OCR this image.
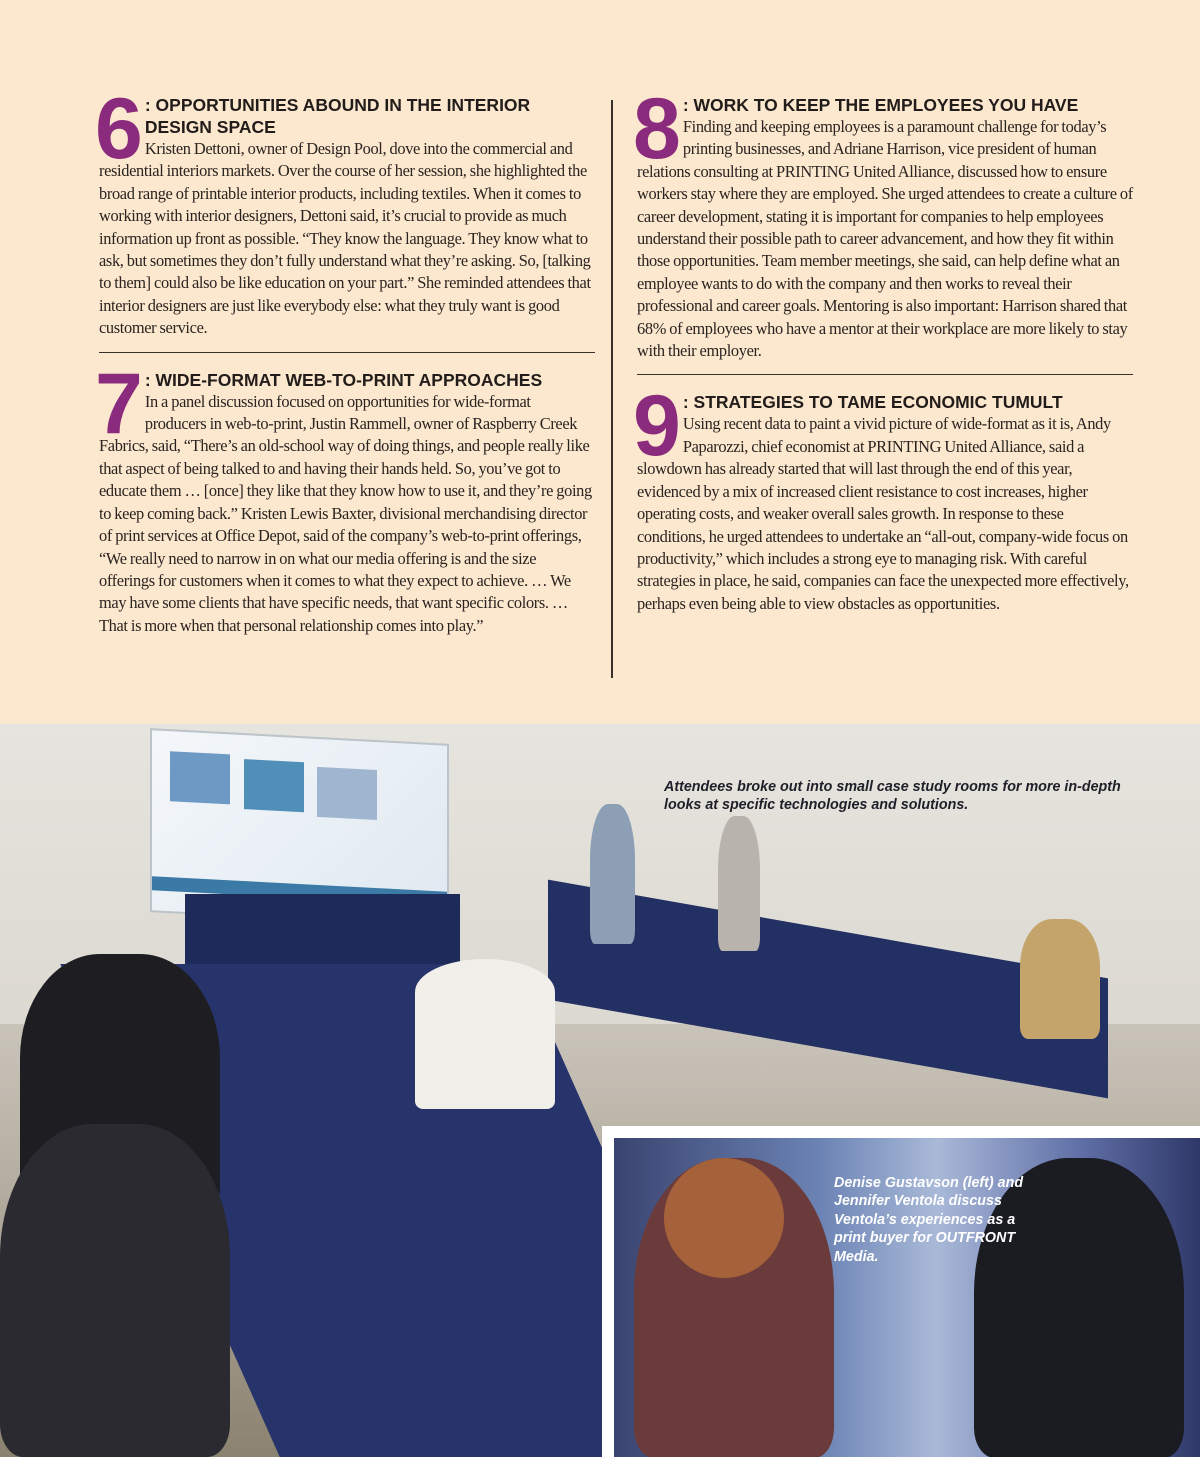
6 : OPPORTUNITIES ABOUND IN THE INTERIOR DESIGN SPACE

Kristen Dettoni, owner of Design Pool, dove into the commercial and residential interiors markets. Over the course of her session, she highlighted the broad range of printable interior products, including textiles. When it comes to working with interior designers, Dettoni said, it’s crucial to provide as much information up front as possible. “They know the language. They know what to ask, but sometimes they don’t fully understand what they’re asking. So, [talking to them] could also be like education on your part.” She reminded attendees that interior designers are just like everybody else: what they truly want is good customer service.

7 : WIDE-FORMAT WEB-TO-PRINT APPROACHES

In a panel discussion focused on opportunities for wide-format producers in web-to-print, Justin Rammell, owner of Raspberry Creek Fabrics, said, “There’s an old-school way of doing things, and people really like that aspect of being talked to and having their hands held. So, you’ve got to educate them … [once] they like that they know how to use it, and they’re going to keep coming back.” Kristen Lewis Baxter, divisional merchandising director of print services at Office Depot, said of the company’s web-to-print offerings, “We really need to narrow in on what our media offering is and the size offerings for customers when it comes to what they expect to achieve. … We may have some clients that have specific needs, that want specific colors. … That is more when that personal relationship comes into play.”

8 : WORK TO KEEP THE EMPLOYEES YOU HAVE

Finding and keeping employees is a paramount challenge for today’s printing businesses, and Adriane Harrison, vice president of human relations consulting at PRINTING United Alliance, discussed how to ensure workers stay where they are employed. She urged attendees to create a culture of career development, stating it is important for companies to help employees understand their possible path to career advancement, and how they fit within those opportunities. Team member meetings, she said, can help define what an employee wants to do with the company and then works to reveal their professional and career goals. Mentoring is also important: Harrison shared that 68% of employees who have a mentor at their workplace are more likely to stay with their employer.

9 : STRATEGIES TO TAME ECONOMIC TUMULT

Using recent data to paint a vivid picture of wide-format as it is, Andy Paparozzi, chief economist at PRINTING United Alliance, said a slowdown has already started that will last through the end of this year, evidenced by a mix of increased client resistance to cost increases, higher operating costs, and weaker overall sales growth. In response to these conditions, he urged attendees to undertake an “all-out, company-wide focus on productivity,” which includes a strong eye to managing risk. With careful strategies in place, he said, companies can face the unexpected more effectively, perhaps even being able to view obstacles as opportunities.

Attendees broke out into small case study rooms for more in-depth looks at specific technologies and solutions.
Denise Gustavson (left) and Jennifer Ventola discuss Ventola’s experiences as a print buyer for OUTFRONT Media.
